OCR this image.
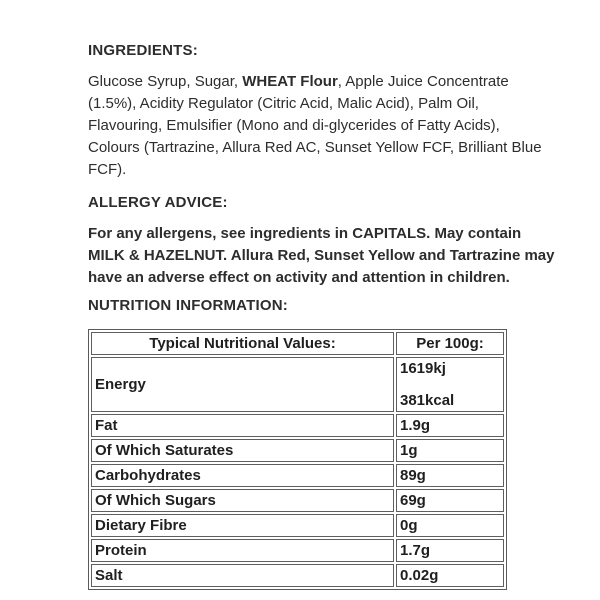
INGREDIENTS:
Glucose Syrup, Sugar, WHEAT Flour, Apple Juice Concentrate
(1.5%), Acidity Regulator (Citric Acid, Malic Acid), Palm Oil,
Flavouring, Emulsifier (Mono and di-glycerides of Fatty Acids),
Colours (Tartrazine, Allura Red AC, Sunset Yellow FCF, Brilliant Blue
FCF).
ALLERGY ADVICE:
For any allergens, see ingredients in CAPITALS. May contain
MILK & HAZELNUT. Allura Red, Sunset Yellow and Tartrazine may
have an adverse effect on activity and attention in children.
NUTRITION INFORMATION:
Typical Nutritional Values:	Per 100g:
Energy	1619kj
381kcal

Fat	1.9g
Of Which Saturates	1g
Carbohydrates	89g
Of Which Sugars	69g
Dietary Fibre	0g
Protein	1.7g
Salt	0.02g
